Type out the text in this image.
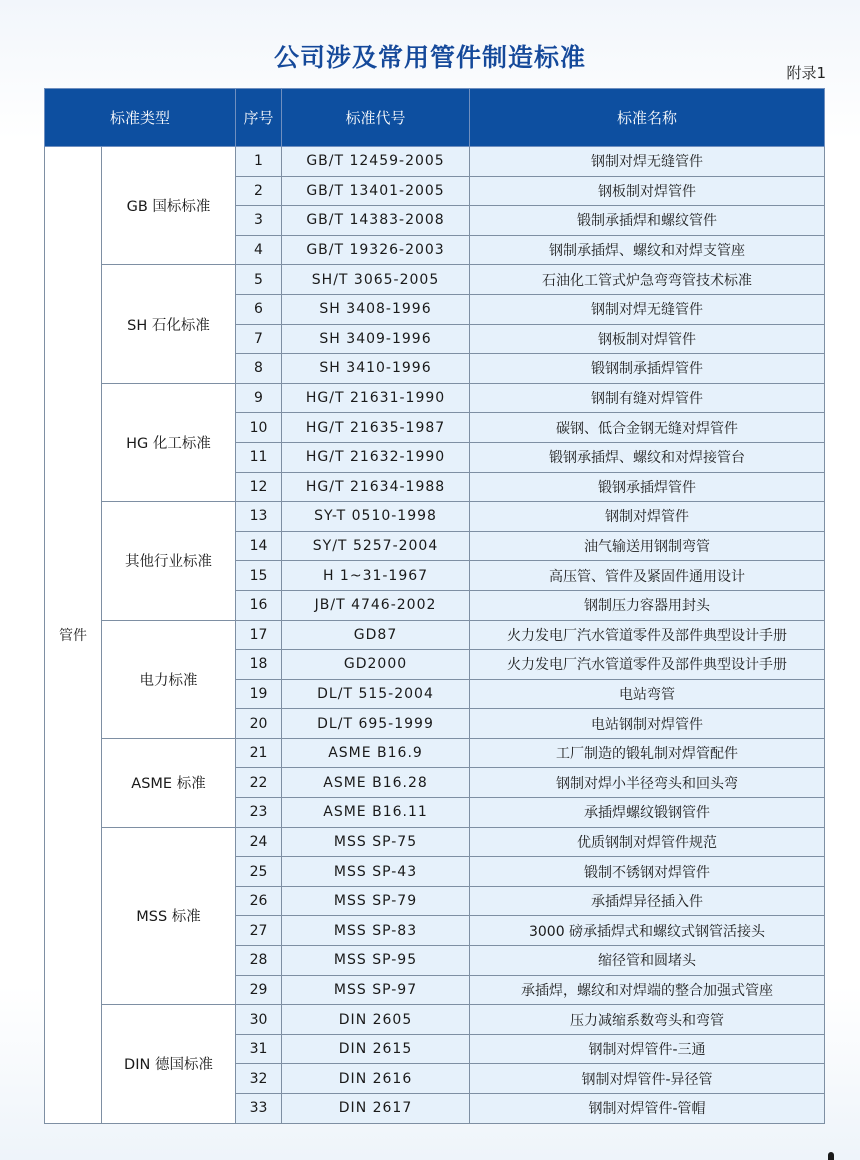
公司涉及常用管件制造标准
附录1
标准类型		序号	标准代号	标准名称
管件	GB 国标标准	1	GB/T 12459-2005	钢制对焊无缝管件
		2	GB/T 13401-2005	钢板制对焊管件
		3	GB/T 14383-2008	锻制承插焊和螺纹管件
		4	GB/T 19326-2003	钢制承插焊、螺纹和对焊支管座
	SH 石化标准	5	SH/T 3065-2005	石油化工管式炉急弯弯管技术标准
		6	SH 3408-1996	钢制对焊无缝管件
		7	SH 3409-1996	钢板制对焊管件
		8	SH 3410-1996	锻钢制承插焊管件
	HG 化工标准	9	HG/T 21631-1990	钢制有缝对焊管件
		10	HG/T 21635-1987	碳钢、低合金钢无缝对焊管件
		11	HG/T 21632-1990	锻钢承插焊、螺纹和对焊接管台
		12	HG/T 21634-1988	锻钢承插焊管件
	其他行业标准	13	SY-T 0510-1998	钢制对焊管件
		14	SY/T 5257-2004	油气输送用钢制弯管
		15	H 1~31-1967	高压管、管件及紧固件通用设计
		16	JB/T 4746-2002	钢制压力容器用封头
	电力标准	17	GD87	火力发电厂汽水管道零件及部件典型设计手册
		18	GD2000	火力发电厂汽水管道零件及部件典型设计手册
		19	DL/T 515-2004	电站弯管
		20	DL/T 695-1999	电站钢制对焊管件
	ASME 标准	21	ASME B16.9	工厂制造的锻轧制对焊管配件
		22	ASME B16.28	钢制对焊小半径弯头和回头弯
		23	ASME B16.11	承插焊螺纹锻钢管件
	MSS 标准	24	MSS SP-75	优质钢制对焊管件规范
		25	MSS SP-43	锻制不锈钢对焊管件
		26	MSS SP-79	承插焊异径插入件
		27	MSS SP-83	3000 磅承插焊式和螺纹式钢管活接头
		28	MSS SP-95	缩径管和圆堵头
		29	MSS SP-97	承插焊，螺纹和对焊端的整合加强式管座
	DIN 德国标准	30	DIN 2605	压力减缩系数弯头和弯管
		31	DIN 2615	钢制对焊管件-三通
		32	DIN 2616	钢制对焊管件-异径管
		33	DIN 2617	钢制对焊管件-管帽
